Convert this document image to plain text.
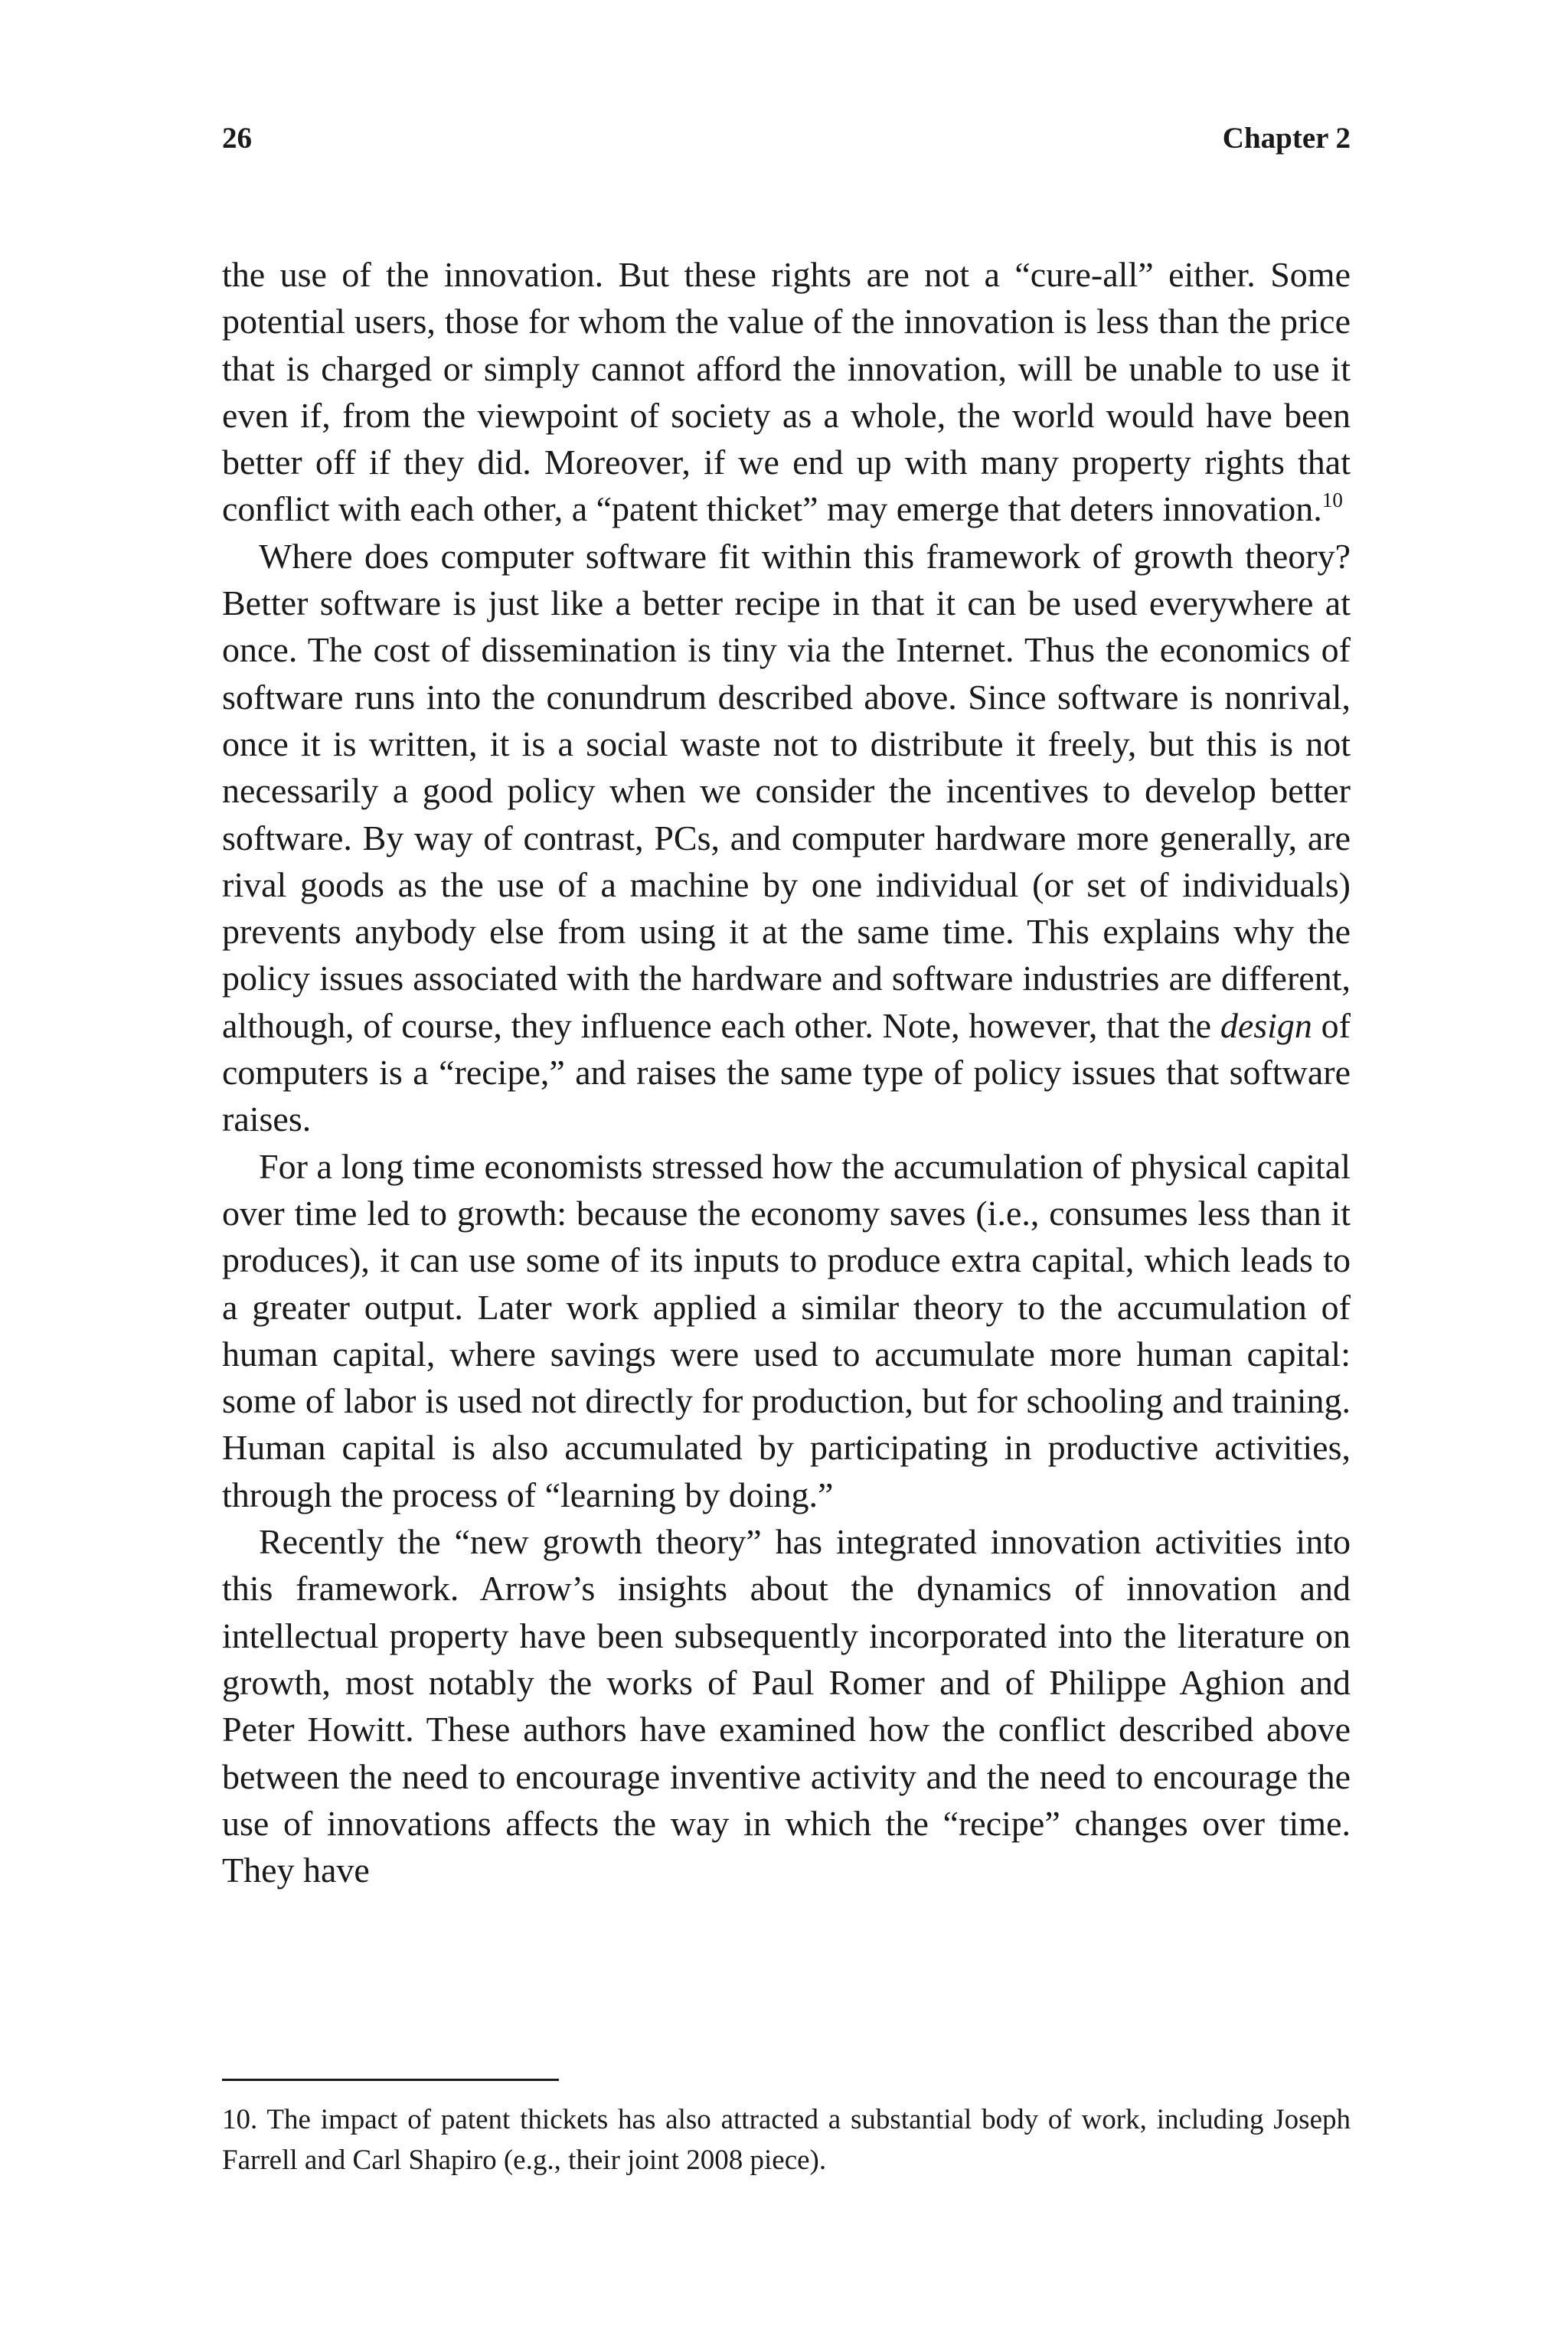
26	Chapter 2

the use of the innovation. But these rights are not a “cure-all” either. Some potential users, those for whom the value of the innovation is less than the price that is charged or simply cannot afford the innovation, will be unable to use it even if, from the viewpoint of society as a whole, the world would have been better off if they did. Moreover, if we end up with many property rights that conflict with each other, a “patent thicket” may emerge that deters innovation.$^{10}$

Where does computer software fit within this framework of growth theory? Better software is just like a better recipe in that it can be used everywhere at once. The cost of dissemination is tiny via the Internet. Thus the economics of software runs into the conundrum described above. Since software is nonrival, once it is written, it is a social waste not to distribute it freely, but this is not necessarily a good policy when we consider the incentives to develop better software. By way of contrast, PCs, and computer hardware more generally, are rival goods as the use of a machine by one individual (or set of individuals) prevents anybody else from using it at the same time. This explains why the policy issues associated with the hardware and software industries are different, although, of course, they influence each other. Note, however, that the design of computers is a “recipe,” and raises the same type of policy issues that software raises.

For a long time economists stressed how the accumulation of physical capital over time led to growth: because the economy saves (i.e., consumes less than it produces), it can use some of its inputs to produce extra capital, which leads to a greater output. Later work applied a similar theory to the accumulation of human capital, where savings were used to accumulate more human capital: some of labor is used not directly for production, but for schooling and training. Human capital is also accumulated by participating in productive activities, through the process of “learning by doing.”

Recently the “new growth theory” has integrated innovation activities into this framework. Arrow’s insights about the dynamics of innovation and intellectual property have been subsequently incorporated into the literature on growth, most notably the works of Paul Romer and of Philippe Aghion and Peter Howitt. These authors have examined how the conflict described above between the need to encourage inventive activity and the need to encourage the use of innovations affects the way in which the “recipe” changes over time. They have

10. The impact of patent thickets has also attracted a substantial body of work, including Joseph Farrell and Carl Shapiro (e.g., their joint 2008 piece).
